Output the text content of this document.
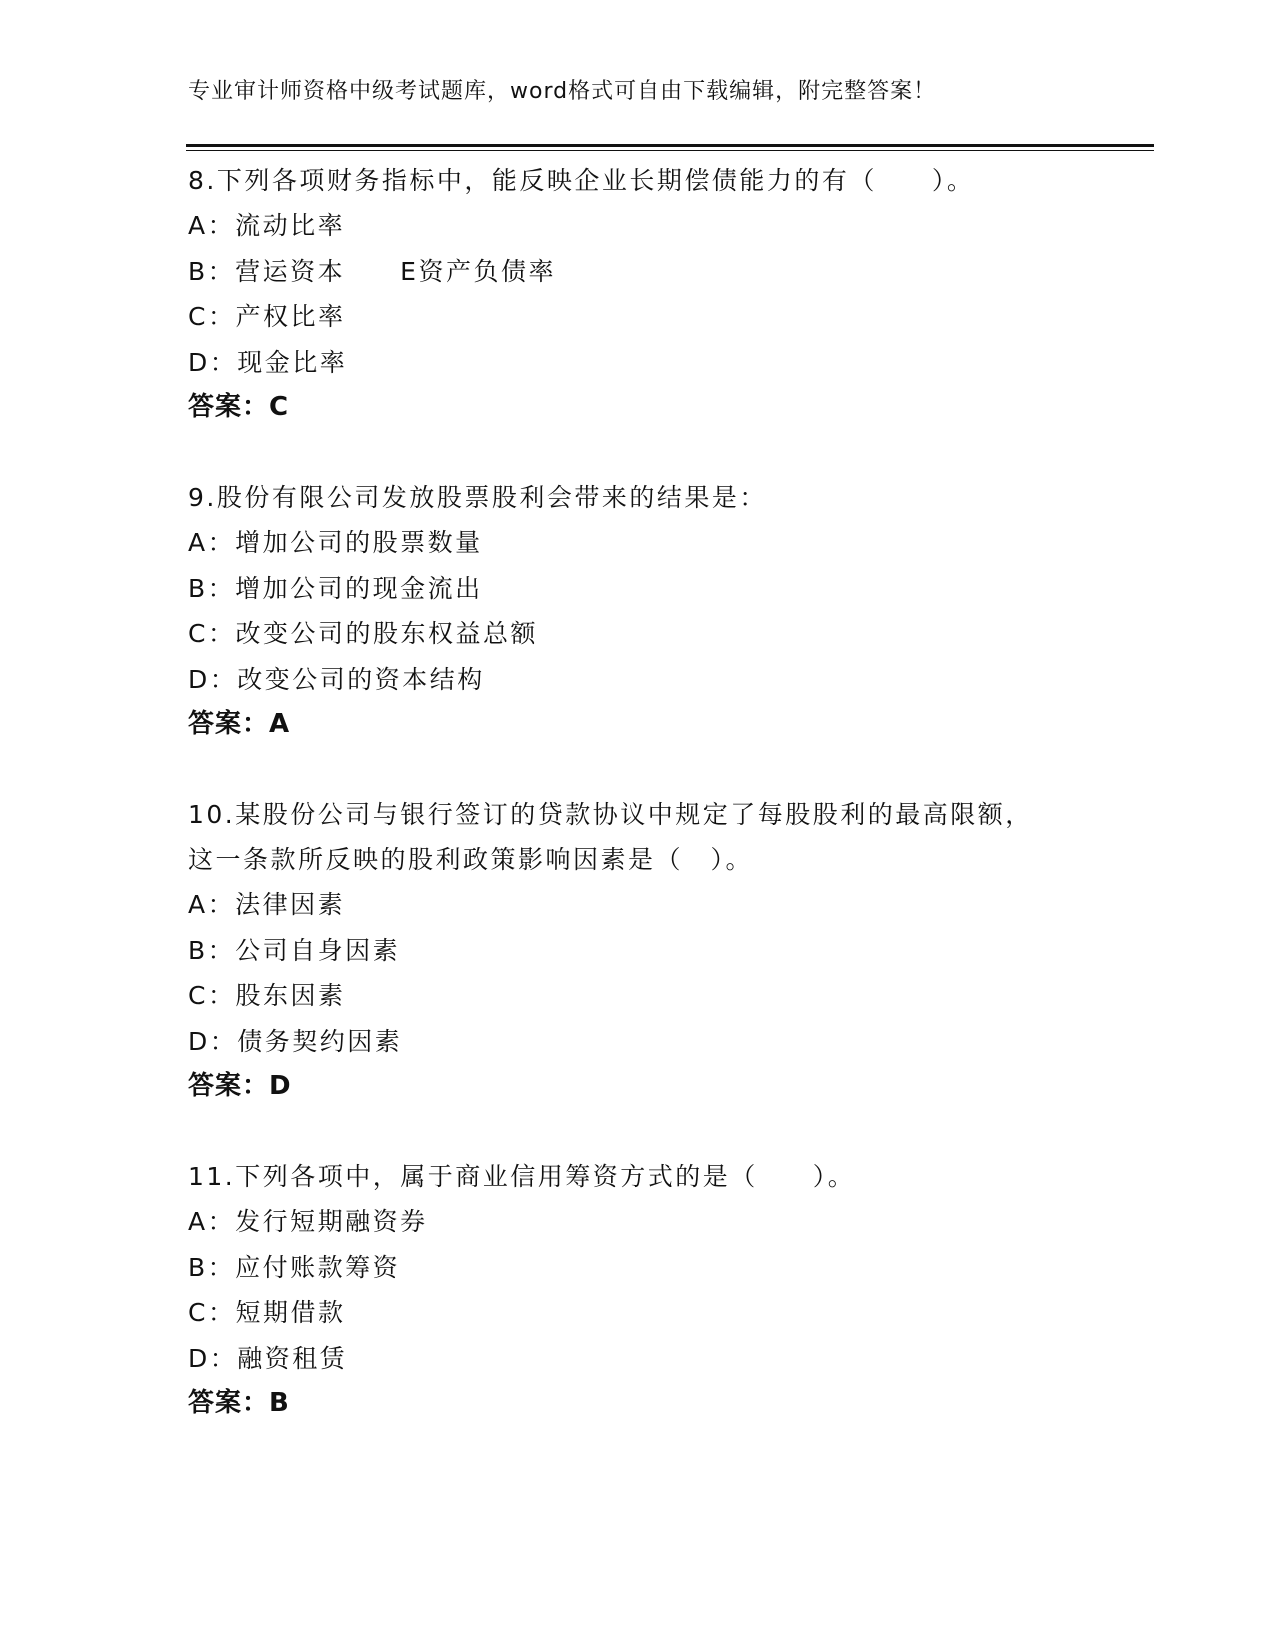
专业审计师资格中级考试题库，word格式可自由下载编辑，附完整答案！
8.下列各项财务指标中，能反映企业长期偿债能力的有（　　）。
A：流动比率
B：营运资本　　E资产负债率
C：产权比率
D：现金比率
答案：C
9.股份有限公司发放股票股利会带来的结果是：
A：增加公司的股票数量
B：增加公司的现金流出
C：改变公司的股东权益总额
D：改变公司的资本结构
答案：A
10.某股份公司与银行签订的贷款协议中规定了每股股利的最高限额，
这一条款所反映的股利政策影响因素是（　）。
A：法律因素
B：公司自身因素
C：股东因素
D：债务契约因素
答案：D
11.下列各项中，属于商业信用筹资方式的是（　　）。
A：发行短期融资券
B：应付账款筹资
C：短期借款
D：融资租赁
答案：B
